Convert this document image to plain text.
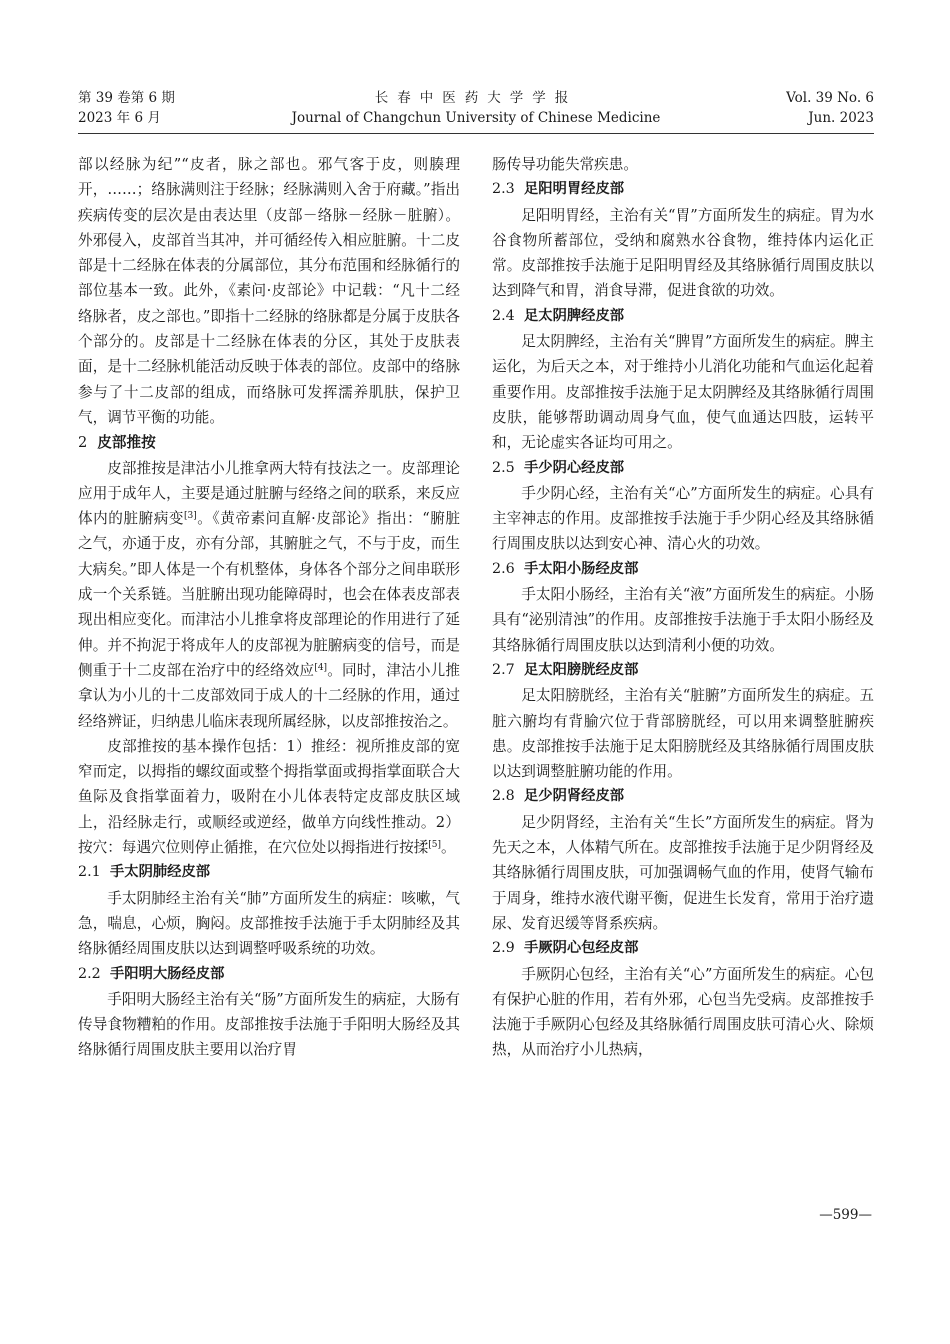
第 39 卷第 6 期
2023 年 6 月
长春中医药大学学报
Journal of Changchun University of Chinese Medicine
Vol. 39 No. 6
Jun. 2023

部以经脉为纪”“皮者，脉之部也。邪气客于皮，则腠理开，……；络脉满则注于经脉；经脉满则入舍于府藏。”指出疾病传变的层次是由表达里（皮部－络脉－经脉－脏腑）。外邪侵入，皮部首当其冲，并可循经传入相应脏腑。十二皮部是十二经脉在体表的分属部位，其分布范围和经脉循行的部位基本一致。此外，《素问·皮部论》中记载：“凡十二经络脉者，皮之部也。”即指十二经脉的络脉都是分属于皮肤各个部分的。皮部是十二经脉在体表的分区，其处于皮肤表面，是十二经脉机能活动反映于体表的部位。皮部中的络脉参与了十二皮部的组成，而络脉可发挥濡养肌肤，保护卫气，调节平衡的功能。

2 皮部推按

皮部推按是津沽小儿推拿两大特有技法之一。皮部理论应用于成年人，主要是通过脏腑与经络之间的联系，来反应体内的脏腑病变[3]。《黄帝素问直解·皮部论》指出：“腑脏之气，亦通于皮，亦有分部，其腑脏之气，不与于皮，而生大病矣。”即人体是一个有机整体，身体各个部分之间串联形成一个关系链。当脏腑出现功能障碍时，也会在体表皮部表现出相应变化。而津沽小儿推拿将皮部理论的作用进行了延伸。并不拘泥于将成年人的皮部视为脏腑病变的信号，而是侧重于十二皮部在治疗中的经络效应[4]。同时，津沽小儿推拿认为小儿的十二皮部效同于成人的十二经脉的作用，通过经络辨证，归纳患儿临床表现所属经脉，以皮部推按治之。

皮部推按的基本操作包括：1）推经：视所推皮部的宽窄而定，以拇指的螺纹面或整个拇指掌面或拇指掌面联合大鱼际及食指掌面着力，吸附在小儿体表特定皮部皮肤区域上，沿经脉走行，或顺经或逆经，做单方向线性推动。2）按穴：每遇穴位则停止循推，在穴位处以拇指进行按揉[5]。

2.1 手太阴肺经皮部

手太阴肺经主治有关“肺”方面所发生的病症：咳嗽，气急，喘息，心烦，胸闷。皮部推按手法施于手太阴肺经及其络脉循经周围皮肤以达到调整呼吸系统的功效。

2.2 手阳明大肠经皮部

手阳明大肠经主治有关“肠”方面所发生的病症，大肠有传导食物糟粕的作用。皮部推按手法施于手阳明大肠经及其络脉循行周围皮肤主要用以治疗胃

肠传导功能失常疾患。

2.3 足阳明胃经皮部

足阳明胃经，主治有关“胃”方面所发生的病症。胃为水谷食物所蓄部位，受纳和腐熟水谷食物，维持体内运化正常。皮部推按手法施于足阳明胃经及其络脉循行周围皮肤以达到降气和胃，消食导滞，促进食欲的功效。

2.4 足太阴脾经皮部

足太阴脾经，主治有关“脾胃”方面所发生的病症。脾主运化，为后天之本，对于维持小儿消化功能和气血运化起着重要作用。皮部推按手法施于足太阴脾经及其络脉循行周围皮肤，能够帮助调动周身气血，使气血通达四肢，运转平和，无论虚实各证均可用之。

2.5 手少阴心经皮部

手少阴心经，主治有关“心”方面所发生的病症。心具有主宰神志的作用。皮部推按手法施于手少阴心经及其络脉循行周围皮肤以达到安心神、清心火的功效。

2.6 手太阳小肠经皮部

手太阳小肠经，主治有关“液”方面所发生的病症。小肠具有“泌别清浊”的作用。皮部推按手法施于手太阳小肠经及其络脉循行周围皮肤以达到清利小便的功效。

2.7 足太阳膀胱经皮部

足太阳膀胱经，主治有关“脏腑”方面所发生的病症。五脏六腑均有背腧穴位于背部膀胱经，可以用来调整脏腑疾患。皮部推按手法施于足太阳膀胱经及其络脉循行周围皮肤以达到调整脏腑功能的作用。

2.8 足少阴肾经皮部

足少阴肾经，主治有关“生长”方面所发生的病症。肾为先天之本，人体精气所在。皮部推按手法施于足少阴肾经及其络脉循行周围皮肤，可加强调畅气血的作用，使肾气输布于周身，维持水液代谢平衡，促进生长发育，常用于治疗遗尿、发育迟缓等肾系疾病。

2.9 手厥阴心包经皮部

手厥阴心包经，主治有关“心”方面所发生的病症。心包有保护心脏的作用，若有外邪，心包当先受病。皮部推按手法施于手厥阴心包经及其络脉循行周围皮肤可清心火、除烦热，从而治疗小儿热病，

—599—
